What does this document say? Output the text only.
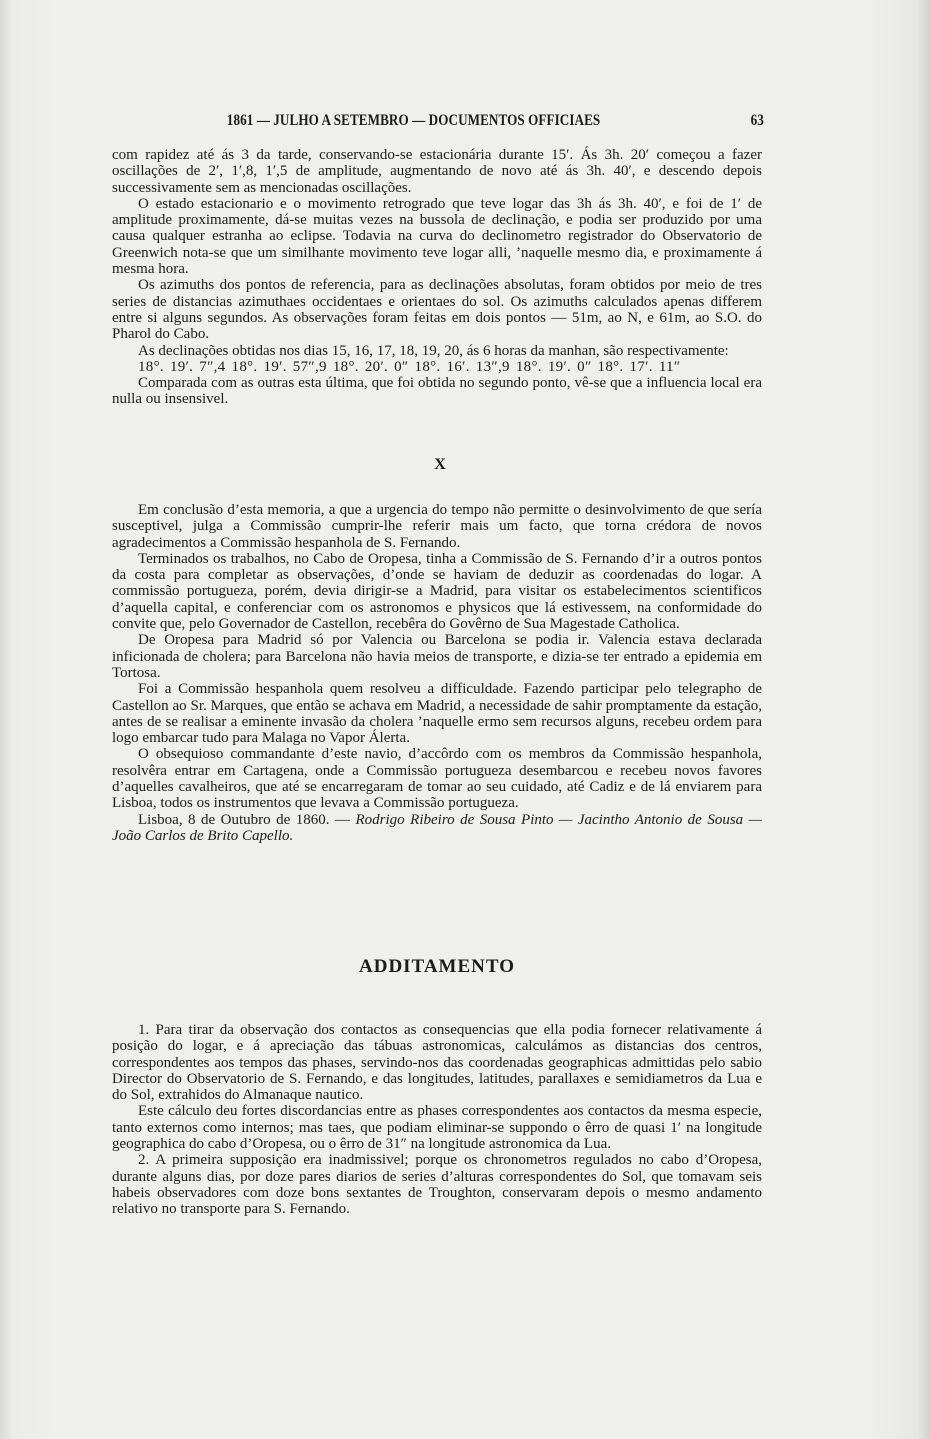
1861 — JULHO A SETEMBRO — DOCUMENTOS OFFICIAES	63

com rapidez até ás 3 da tarde, conservando-se estacionária durante 15′. Ás 3h. 20′ começou a fazer oscillações de 2′, 1′,8, 1′,5 de amplitude, augmentando de novo até ás 3h. 40′, e descendo depois successivamente sem as mencionadas oscillações.

O estado estacionario e o movimento retrogrado que teve logar das 3h ás 3h. 40′, e foi de 1′ de amplitude proximamente, dá-se muitas vezes na bussola de declinação, e podia ser produzido por uma causa qualquer estranha ao eclipse. Todavia na curva do declinometro registrador do Observatorio de Greenwich nota-se que um similhante movimento teve logar alli, ’naquelle mesmo dia, e proximamente á mesma hora.

Os azimuths dos pontos de referencia, para as declinações absolutas, foram obtidos por meio de tres series de distancias azimuthaes occidentaes e orientaes do sol. Os azimuths calculados apenas differem entre si alguns segundos. As observações foram feitas em dois pontos — 51m, ao N, e 61m, ao S.O. do Pharol do Cabo.

As declinações obtidas nos dias 15, 16, 17, 18, 19, 20, ás 6 horas da manhan, são respectivamente:

18°. 19′. 7″,4 18°. 19′. 57″,9 18°. 20′. 0″ 18°. 16′. 13″,9 18°. 19′. 0″ 18°. 17′. 11″

Comparada com as outras esta última, que foi obtida no segundo ponto, vê-se que a influencia local era nulla ou insensivel.

X

Em conclusão d’esta memoria, a que a urgencia do tempo não permitte o desinvolvimento de que sería susceptivel, julga a Commissão cumprir-lhe referir mais um facto, que torna crédora de novos agradecimentos a Commissão hespanhola de S. Fernando.

Terminados os trabalhos, no Cabo de Oropesa, tinha a Commissão de S. Fernando d’ir a outros pontos da costa para completar as observações, d’onde se haviam de deduzir as coordenadas do logar. A commissão portugueza, porém, devia dirigir-se a Madrid, para visitar os estabelecimentos scientificos d’aquella capital, e conferenciar com os astronomos e physicos que lá estivessem, na conformidade do convite que, pelo Governador de Castellon, recebêra do Govêrno de Sua Magestade Catholica.

De Oropesa para Madrid só por Valencia ou Barcelona se podia ir. Valencia estava declarada inficionada de cholera; para Barcelona não havia meios de transporte, e dizia-se ter entrado a epidemia em Tortosa.

Foi a Commissão hespanhola quem resolveu a difficuldade. Fazendo participar pelo telegrapho de Castellon ao Sr. Marques, que então se achava em Madrid, a necessidade de sahir promptamente da estação, antes de se realisar a eminente invasão da cholera ’naquelle ermo sem recursos alguns, recebeu ordem para logo embarcar tudo para Malaga no Vapor Álerta.

O obsequioso commandante d’este navio, d’accôrdo com os membros da Commissão hespanhola, resolvêra entrar em Cartagena, onde a Commissão portugueza desembarcou e recebeu novos favores d’aquelles cavalheiros, que até se encarregaram de tomar ao seu cuidado, até Cadiz e de lá enviarem para Lisboa, todos os instrumentos que levava a Commissão portugueza.

Lisboa, 8 de Outubro de 1860. — Rodrigo Ribeiro de Sousa Pinto — Jacintho Antonio de Sousa — João Carlos de Brito Capello.

ADDITAMENTO

1. Para tirar da observação dos contactos as consequencias que ella podia fornecer relativamente á posição do logar, e á apreciação das tábuas astronomicas, calculámos as distancias dos centros, correspondentes aos tempos das phases, servindo-nos das coordenadas geographicas admittidas pelo sabio Director do Observatorio de S. Fernando, e das longitudes, latitudes, parallaxes e semidiametros da Lua e do Sol, extrahidos do Almanaque nautico.

Este cálculo deu fortes discordancias entre as phases correspondentes aos contactos da mesma especie, tanto externos como internos; mas taes, que podiam eliminar-se suppondo o êrro de quasi 1′ na longitude geographica do cabo d’Oropesa, ou o êrro de 31″ na longitude astronomica da Lua.

2. A primeira supposição era inadmissivel; porque os chronometros regulados no cabo d’Oropesa, durante alguns dias, por doze pares diarios de series d’alturas correspondentes do Sol, que tomavam seis habeis observadores com doze bons sextantes de Troughton, conservaram depois o mesmo andamento relativo no transporte para S. Fernando.
